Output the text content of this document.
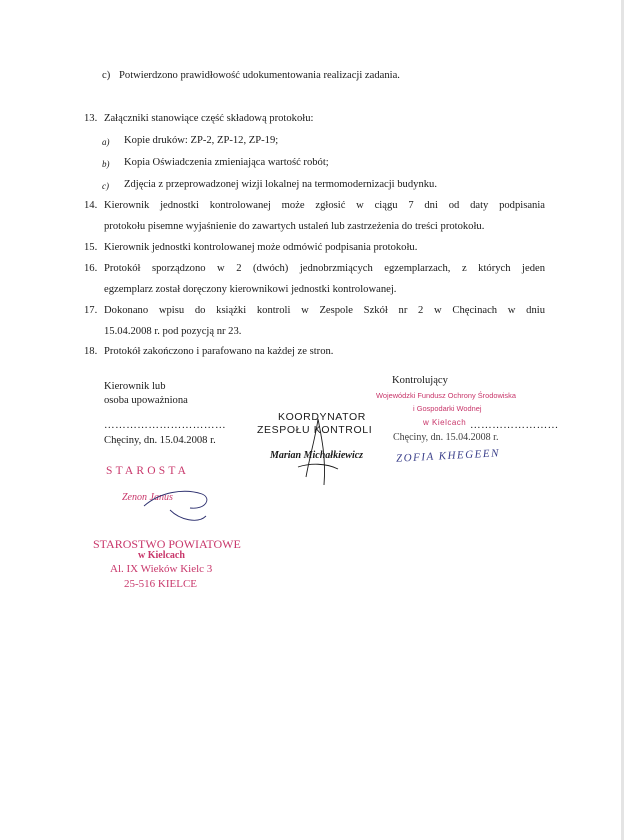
c) Potwierdzono prawidłowość udokumentowania realizacji zadania.
13. Załączniki stanowiące część składową protokołu:
a) Kopie druków: ZP-2, ZP-12, ZP-19;
b) Kopia Oświadczenia zmieniająca wartość robót;
c) Zdjęcia z przeprowadzonej wizji lokalnej na termomodernizacji budynku.
14. Kierownik jednostki kontrolowanej może zgłosić w ciągu 7 dni od daty podpisania
protokołu pisemne wyjaśnienie do zawartych ustaleń lub zastrzeżenia do treści protokołu.
15. Kierownik jednostki kontrolowanej może odmówić podpisania protokołu.
16. Protokół sporządzono w 2 (dwóch) jednobrzmiących egzemplarzach, z których jeden
egzemplarz został doręczony kierownikowi jednostki kontrolowanej.
17. Dokonano wpisu do książki kontroli w Zespole Szkół nr 2 w Chęcinach w dniu
15.04.2008 r. pod pozycją nr 23.
18. Protokół zakończono i parafowano na każdej ze stron.
Kierownik lub
osoba upoważniona
……………………………
Chęciny, dn. 15.04.2008 r.
Kontrolujący
……………………
Chęciny, dn. 15.04.2008 r.
KOORDYNATOR
ZESPOŁU KONTROLI
Marian Michałkiewicz
Wojewódzki Fundusz Ochrony Środowiska
i Gospodarki Wodnej
w Kielcach
ZOFIA KHEGEEN
STAROSTA
Zenon Janus
STAROSTWO POWIATOWE
w Kielcach
Al. IX Wieków Kielc 3
25-516 KIELCE
